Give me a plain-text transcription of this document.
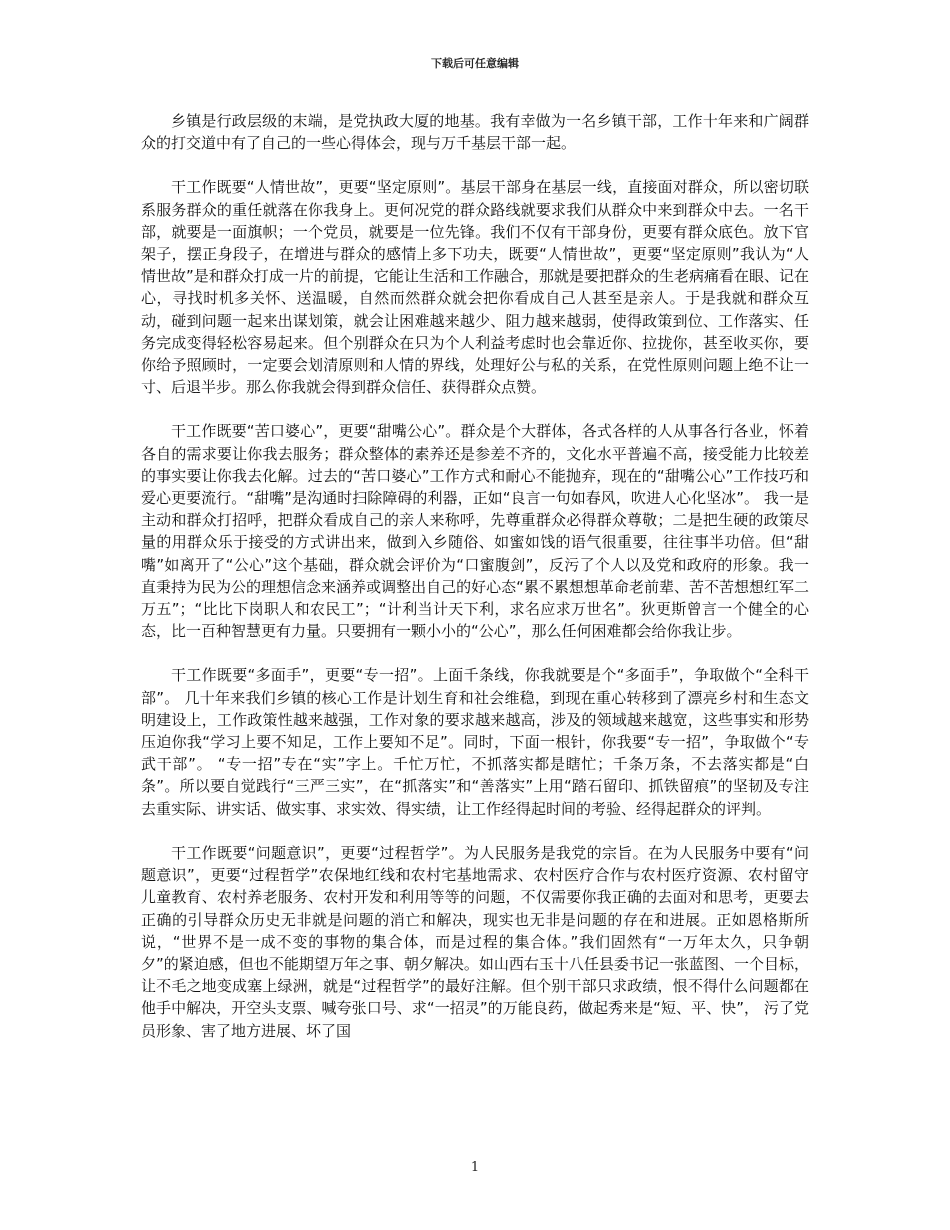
下载后可任意编辑

乡镇是行政层级的末端，是党执政大厦的地基。我有幸做为一名乡镇干部，工作十年来和广阔群众的打交道中有了自己的一些心得体会，现与万千基层干部一起。

干工作既要“人情世故”，更要“坚定原则”。基层干部身在基层一线，直接面对群众，所以密切联系服务群众的重任就落在你我身上。更何况党的群众路线就要求我们从群众中来到群众中去。一名干部，就要是一面旗帜；一个党员，就要是一位先锋。我们不仅有干部身份，更要有群众底色。放下官架子，摆正身段子，在增进与群众的感情上多下功夫，既要“人情世故”，更要“坚定原则”我认为“人情世故”是和群众打成一片的前提，它能让生活和工作融合，那就是要把群众的生老病痛看在眼、记在心，寻找时机多关怀、送温暖，自然而然群众就会把你看成自己人甚至是亲人。于是我就和群众互动，碰到问题一起来出谋划策，就会让困难越来越少、阻力越来越弱，使得政策到位、工作落实、任务完成变得轻松容易起来。但个别群众在只为个人利益考虑时也会靠近你、拉拢你，甚至收买你，要你给予照顾时，一定要会划清原则和人情的界线，处理好公与私的关系，在党性原则问题上绝不让一寸、后退半步。那么你我就会得到群众信任、获得群众点赞。

干工作既要“苦口婆心”，更要“甜嘴公心”。群众是个大群体，各式各样的人从事各行各业，怀着各自的需求要让你我去服务；群众整体的素养还是参差不齐的，文化水平普遍不高，接受能力比较差的事实要让你我去化解。过去的“苦口婆心”工作方式和耐心不能抛弃，现在的“甜嘴公心”工作技巧和爱心更要流行。“甜嘴”是沟通时扫除障碍的利器，正如“良言一句如春风，吹进人心化坚冰”。 我一是主动和群众打招呼，把群众看成自己的亲人来称呼，先尊重群众必得群众尊敬；二是把生硬的政策尽量的用群众乐于接受的方式讲出来，做到入乡随俗、如蜜如饯的语气很重要，往往事半功倍。但“甜嘴”如离开了“公心”这个基础，群众就会评价为“口蜜腹剑”，反污了个人以及党和政府的形象。我一直秉持为民为公的理想信念来涵养或调整出自己的好心态“累不累想想革命老前辈、苦不苦想想红军二万五”；“比比下岗职人和农民工”；“计利当计天下利，求名应求万世名”。狄更斯曾言一个健全的心态，比一百种智慧更有力量。只要拥有一颗小小的“公心”，那么任何困难都会给你我让步。

干工作既要“多面手”，更要“专一招”。上面千条线，你我就要是个“多面手”，争取做个“全科干部”。 几十年来我们乡镇的核心工作是计划生育和社会维稳，到现在重心转移到了漂亮乡村和生态文明建设上，工作政策性越来越强，工作对象的要求越来越高，涉及的领域越来越宽，这些事实和形势压迫你我“学习上要不知足，工作上要知不足”。同时，下面一根针，你我要“专一招”，争取做个“专武干部”。 “专一招”专在“实”字上。千忙万忙，不抓落实都是瞎忙；千条万条，不去落实都是“白条”。所以要自觉践行“三严三实”，在“抓落实”和“善落实”上用“踏石留印、抓铁留痕”的坚韧及专注去重实际、讲实话、做实事、求实效、得实绩，让工作经得起时间的考验、经得起群众的评判。

干工作既要“问题意识”，更要“过程哲学”。为人民服务是我党的宗旨。在为人民服务中要有“问题意识”，更要“过程哲学”农保地红线和农村宅基地需求、农村医疗合作与农村医疗资源、农村留守儿童教育、农村养老服务、农村开发和利用等等的问题，不仅需要你我正确的去面对和思考，更要去正确的引导群众历史无非就是问题的消亡和解决，现实也无非是问题的存在和进展。正如恩格斯所说，“世界不是一成不变的事物的集合体，而是过程的集合体。”我们固然有“一万年太久，只争朝夕”的紧迫感，但也不能期望万年之事、朝夕解决。如山西右玉十八任县委书记一张蓝图、一个目标，让不毛之地变成塞上绿洲，就是“过程哲学”的最好注解。但个别干部只求政绩，恨不得什么问题都在他手中解决，开空头支票、喊夸张口号、求“一招灵”的万能良药，做起秀来是“短、平、快”， 污了党员形象、害了地方进展、坏了国

1
